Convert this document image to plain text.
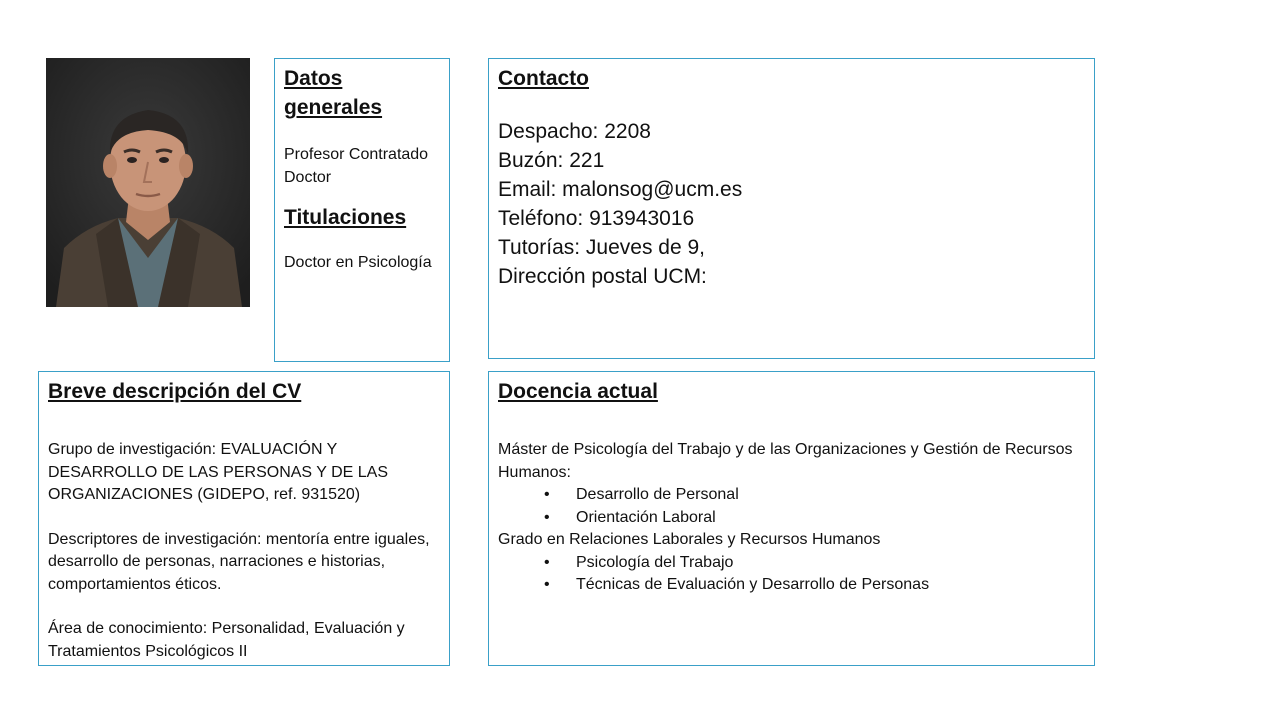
Datos generales
Profesor Contratado Doctor
Titulaciones
Doctor en Psicología
Contacto
Despacho: 2208
Buzón: 221
Email: malonsog@ucm.es
Teléfono: 913943016
Tutorías: Jueves de 9,
Dirección postal UCM:
Breve descripción del CV
Grupo de investigación: EVALUACIÓN Y DESARROLLO DE LAS PERSONAS Y DE LAS ORGANIZACIONES (GIDEPO, ref. 931520)
Descriptores de investigación: mentoría entre iguales, desarrollo de personas, narraciones e historias, comportamientos éticos.
Área de conocimiento: Personalidad, Evaluación y Tratamientos Psicológicos II
Docencia actual
Máster de Psicología del Trabajo y de las Organizaciones y Gestión de Recursos Humanos:
• Desarrollo de Personal
• Orientación Laboral
Grado en Relaciones Laborales y Recursos Humanos
• Psicología del Trabajo
• Técnicas de Evaluación y Desarrollo de Personas
